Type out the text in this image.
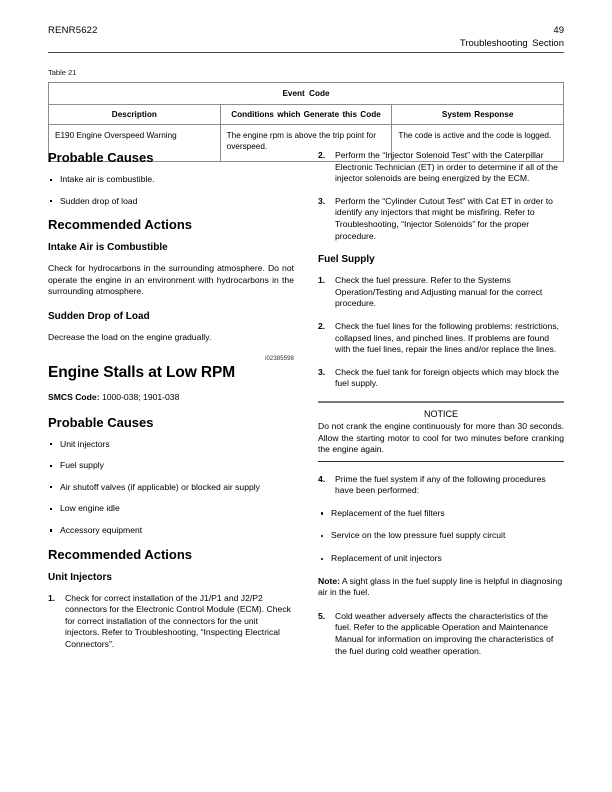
RENR5622	49
Troubleshooting Section
Table 21
Event Code		
Description	Conditions which Generate this Code	System Response
E190 Engine Overspeed Warning	The engine rpm is above the trip point for overspeed.	The code is active and the code is logged.
Probable Causes
Intake air is combustible.
Sudden drop of load
Recommended Actions
Intake Air is Combustible

Check for hydrocarbons in the surrounding atmosphere. Do not operate the engine in an environment with hydrocarbons in the surrounding atmosphere.

Sudden Drop of Load

Decrease the load on the engine gradually.

i02385598
Engine Stalls at Low RPM

SMCS Code: 1000-038; 1901-038

Probable Causes
Unit injectors
Fuel supply
Air shutoff valves (if applicable) or blocked air supply
Low engine idle
Accessory equipment
Recommended Actions
Unit Injectors
1. Check for correct installation of the J1/P1 and J2/P2 connectors for the Electronic Control Module (ECM). Check for correct installation of the connectors for the unit injectors. Refer to Troubleshooting, “Inspecting Electrical Connectors”.
2. Perform the “Injector Solenoid Test” with the Caterpillar Electronic Technician (ET) in order to determine if all of the injector solenoids are being energized by the ECM.
3. Perform the “Cylinder Cutout Test” with Cat ET in order to identify any injectors that might be misfiring. Refer to Troubleshooting, “Injector Solenoids” for the proper procedure.
Fuel Supply
1. Check the fuel pressure. Refer to the Systems Operation/Testing and Adjusting manual for the correct procedure.
2. Check the fuel lines for the following problems: restrictions, collapsed lines, and pinched lines. If problems are found with the fuel lines, repair the lines and/or replace the lines.
3. Check the fuel tank for foreign objects which may block the fuel supply.
NOTICE

Do not crank the engine continuously for more than 30 seconds. Allow the starting motor to cool for two minutes before cranking the engine again.

4. Prime the fuel system if any of the following procedures have been performed:
Replacement of the fuel filters
Service on the low pressure fuel supply circuit
Replacement of unit injectors

Note: A sight glass in the fuel supply line is helpful in diagnosing air in the fuel.

5. Cold weather adversely affects the characteristics of the fuel. Refer to the applicable Operation and Maintenance Manual for information on improving the characteristics of the fuel during cold weather operation.
